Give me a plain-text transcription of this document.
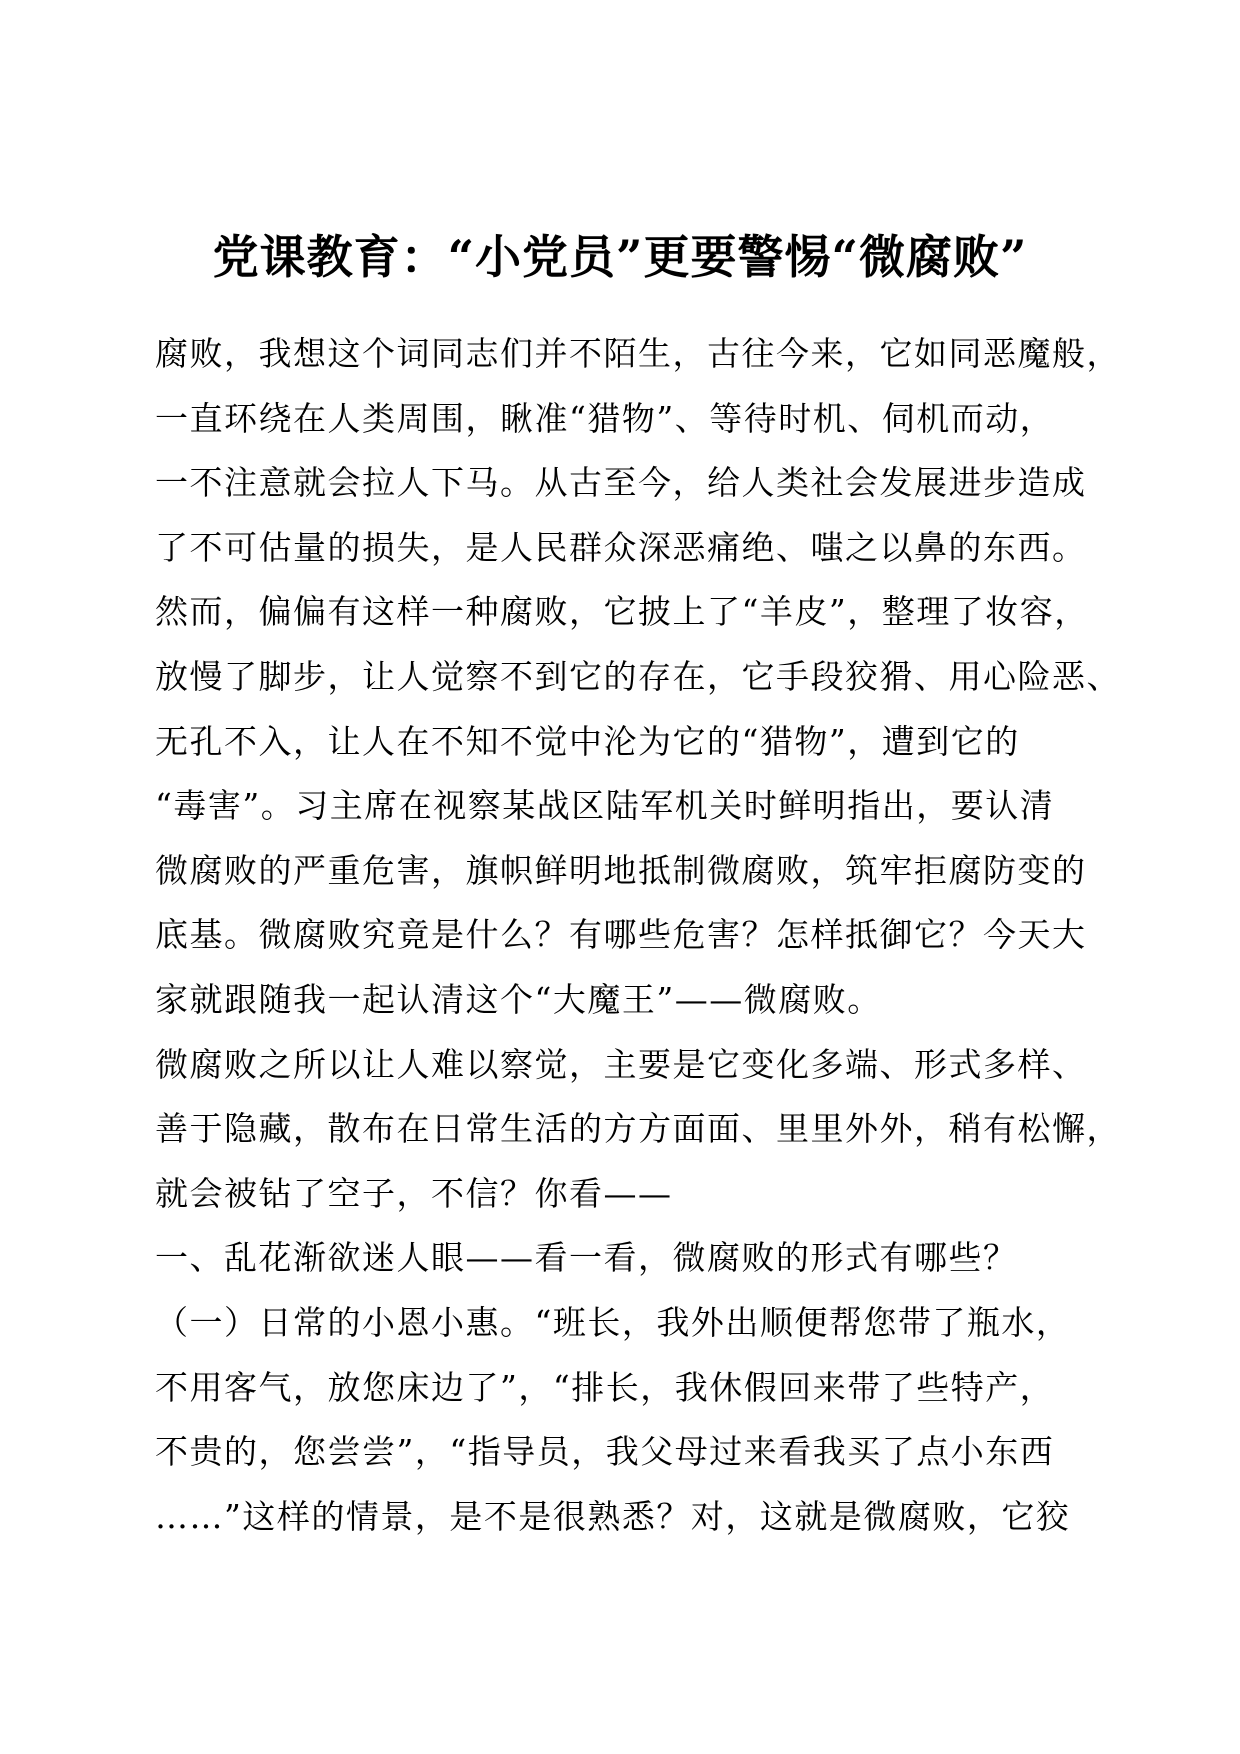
党课教育：“小党员”更要警惕“微腐败”
腐败，我想这个词同志们并不陌生，古往今来，它如同恶魔般，
一直环绕在人类周围，瞅准“猎物”、等待时机、伺机而动，
一不注意就会拉人下马。从古至今，给人类社会发展进步造成
了不可估量的损失，是人民群众深恶痛绝、嗤之以鼻的东西。
然而，偏偏有这样一种腐败，它披上了“羊皮”，整理了妆容，
放慢了脚步，让人觉察不到它的存在，它手段狡猾、用心险恶、
无孔不入，让人在不知不觉中沦为它的“猎物”，遭到它的
“毒害”。习主席在视察某战区陆军机关时鲜明指出，要认清
微腐败的严重危害，旗帜鲜明地抵制微腐败，筑牢拒腐防变的
底基。微腐败究竟是什么？有哪些危害？怎样抵御它？今天大
家就跟随我一起认清这个“大魔王”——微腐败。
微腐败之所以让人难以察觉，主要是它变化多端、形式多样、
善于隐藏，散布在日常生活的方方面面、里里外外，稍有松懈，
就会被钻了空子，不信？你看——
一、乱花渐欲迷人眼——看一看，微腐败的形式有哪些？
（一）日常的小恩小惠。“班长，我外出顺便帮您带了瓶水，
不用客气，放您床边了”，“排长，我休假回来带了些特产，
不贵的，您尝尝”，“指导员，我父母过来看我买了点小东西
……”这样的情景，是不是很熟悉？对，这就是微腐败，它狡
